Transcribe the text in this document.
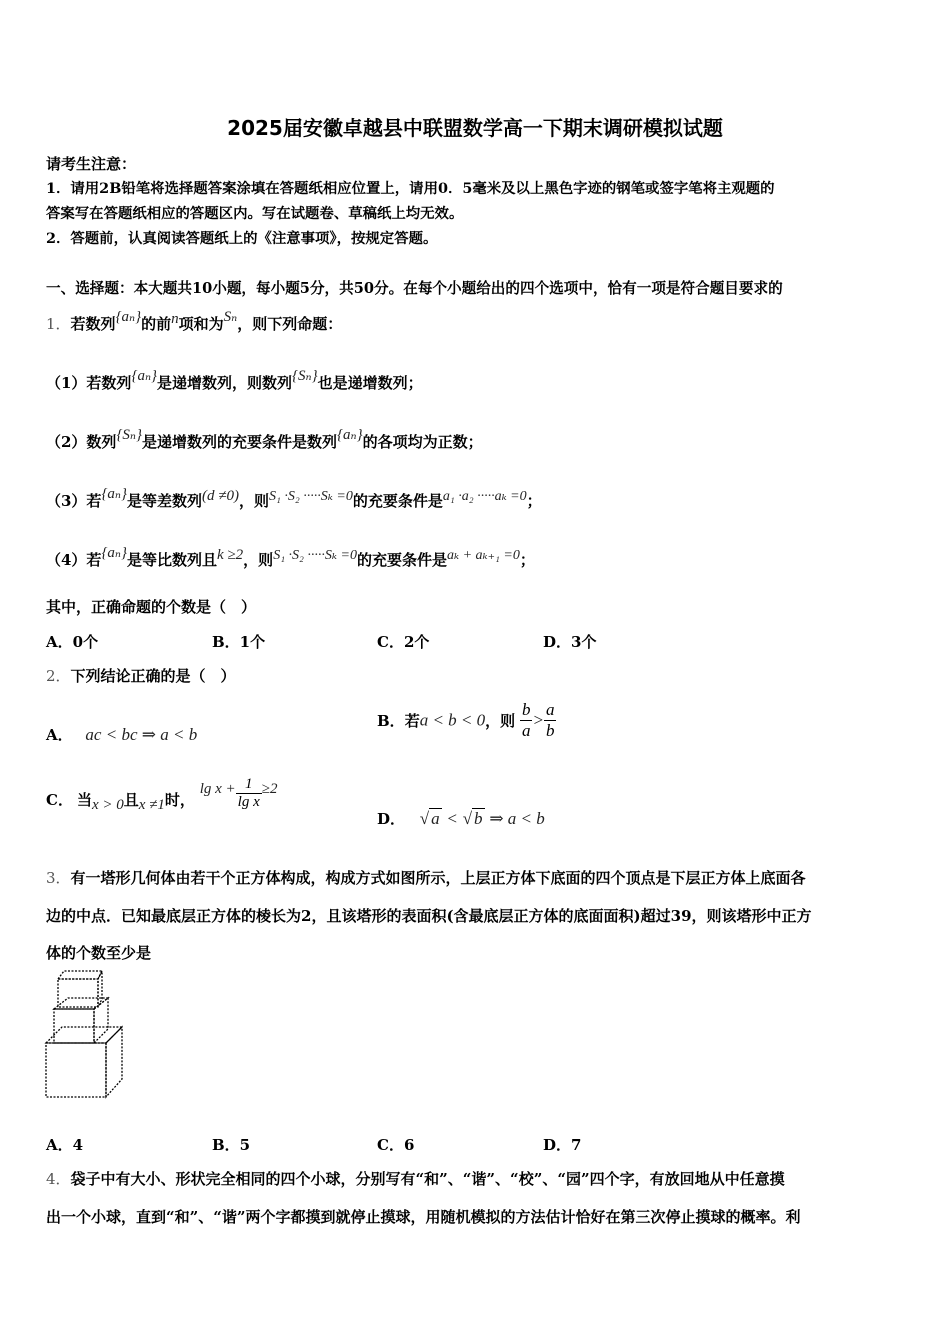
2025届安徽卓越县中联盟数学高一下期末调研模拟试题
请考生注意：
1．请用2B铅笔将选择题答案涂填在答题纸相应位置上，请用0．5毫米及以上黑色字迹的钢笔或签字笔将主观题的
答案写在答题纸相应的答题区内。写在试题卷、草稿纸上均无效。
2．答题前，认真阅读答题纸上的《注意事项》，按规定答题。
一、选择题：本大题共10小题，每小题5分，共50分。在每个小题给出的四个选项中，恰有一项是符合题目要求的
1．若数列{aₙ}的前n项和为Sₙ，则下列命题：
（1）若数列{aₙ}是递增数列，则数列{Sₙ}也是递增数列；
（2）数列{Sₙ}是递增数列的充要条件是数列{aₙ}的各项均为正数；
（3）若{aₙ}是等差数列(d ≠0)，则S₁ ·S₂ ·····Sₖ =0的充要条件是a₁ ·a₂ ·····aₖ =0；
（4）若{aₙ}是等比数列且k ≥2，则S₁ ·S₂ ·····Sₖ =0的充要条件是aₖ + aₖ₊₁ =0；
其中，正确命题的个数是（　）
A．0个	B．1个	C．2个	D．3个
2．下列结论正确的是（　）
A． ac < bc ⇒ a < b
B．若a < b < 0，则 $\frac{b}{a} > \frac{a}{b}$
C． 当x > 0且x ≠1时， $\lg x + \frac{1}{\text{lg x}} \ge 2$
D． √ a < √ b ⇒ a < b
3．有一塔形几何体由若干个正方体构成，构成方式如图所示，上层正方体下底面的四个顶点是下层正方体上底面各
边的中点．已知最底层正方体的棱长为2，且该塔形的表面积(含最底层正方体的底面面积)超过39，则该塔形中正方
体的个数至少是
A．4	B．5	C．6	D．7
4．袋子中有大小、形状完全相同的四个小球，分别写有“和”、“谐”、“校”、“园”四个字，有放回地从中任意摸
出一个小球，直到“和”、“谐”两个字都摸到就停止摸球，用随机模拟的方法估计恰好在第三次停止摸球的概率。利
